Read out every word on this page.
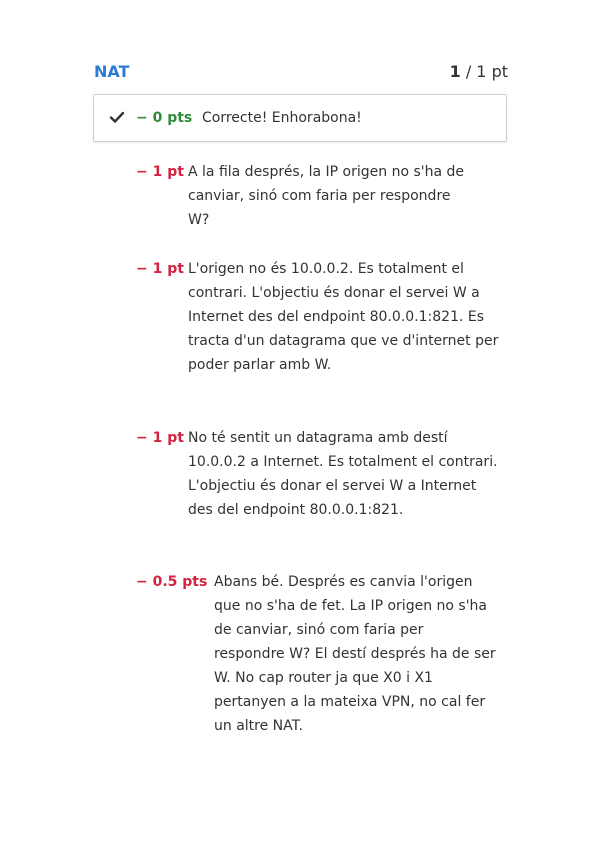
NAT	1 / 1 pt
− 0 pts Correcte! Enhorabona!
− 1 pt A la fila després, la IP origen no s'ha de canviar, sinó com faria per respondre W?
− 1 pt L'origen no és 10.0.0.2. Es totalment el contrari. L'objectiu és donar el servei W a Internet des del endpoint 80.0.0.1:821. Es tracta d'un datagrama que ve d'internet per poder parlar amb W.
− 1 pt No té sentit un datagrama amb destí 10.0.0.2 a Internet. Es totalment el contrari. L'objectiu és donar el servei W a Internet des del endpoint 80.0.0.1:821.
− 0.5 pts Abans bé. Després es canvia l'origen que no s'ha de fet. La IP origen no s'ha de canviar, sinó com faria per respondre W? El destí després ha de ser W. No cap router ja que X0 i X1 pertanyen a la mateixa VPN, no cal fer un altre NAT.
